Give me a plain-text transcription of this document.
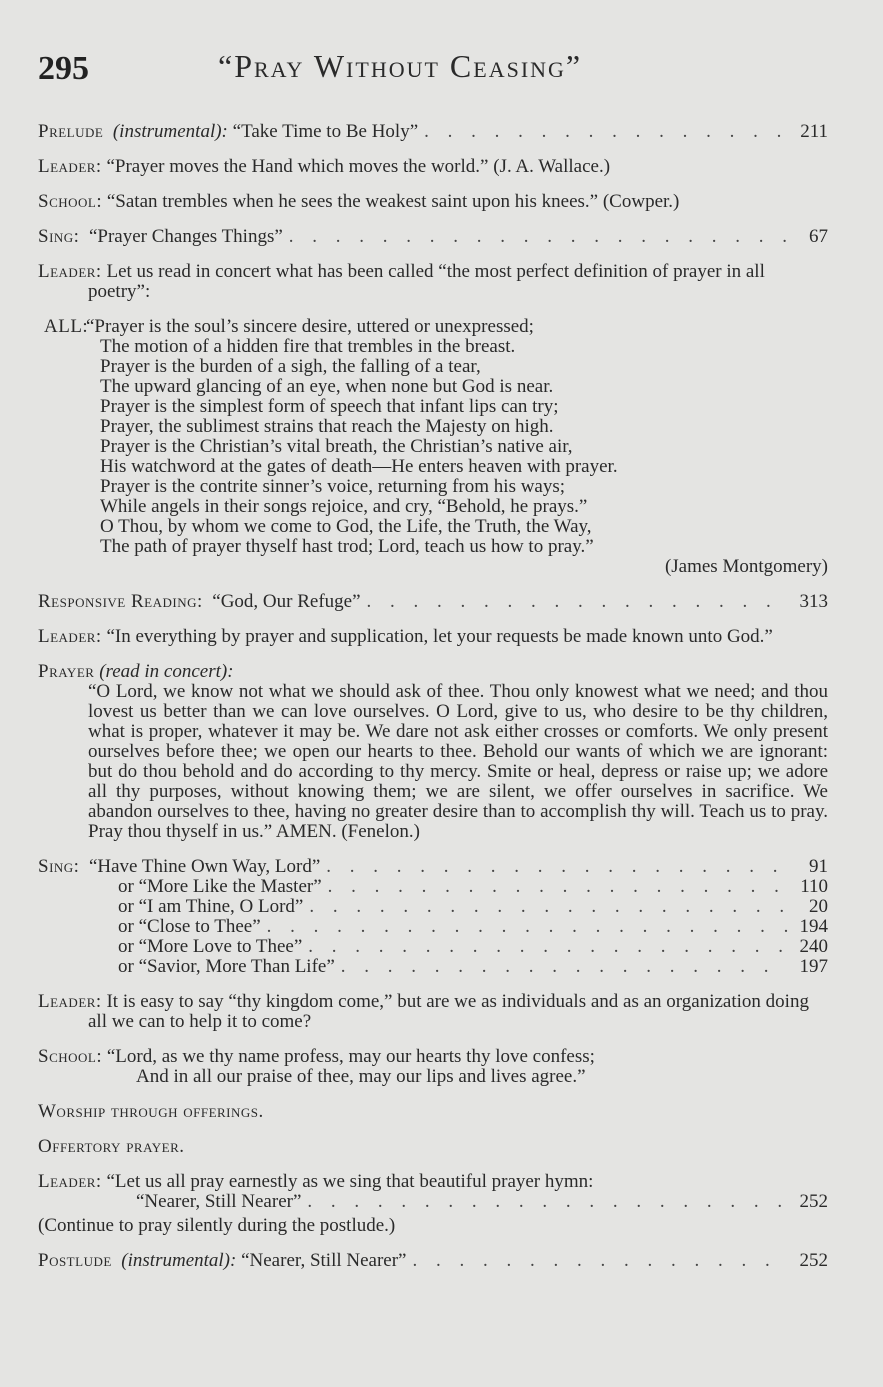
295	“Pray Without Ceasing”
Prelude
(instrumental):
“Take Time to Be Holy” . . .	211
Leader: “Prayer moves the Hand which moves the world.” (J. A. Wallace.)
School: “Satan trembles when he sees the weakest saint upon his knees.” (Cowper.)
Sing:
“Prayer Changes Things” . . .	67
Leader: Let us read in concert what has been called “the most perfect definition of prayer in all poetry”:
ALL:
“Prayer is the soul’s sincere desire, uttered or unexpressed;
The motion of a hidden fire that trembles in the breast.
Prayer is the burden of a sigh, the falling of a tear,
The upward glancing of an eye, when none but God is near.
Prayer is the simplest form of speech that infant lips can try;
Prayer, the sublimest strains that reach the Majesty on high.
Prayer is the Christian’s vital breath, the Christian’s native air,
His watchword at the gates of death—He enters heaven with prayer.
Prayer is the contrite sinner’s voice, returning from his ways;
While angels in their songs rejoice, and cry, “Behold, he prays.”
O Thou, by whom we come to God, the Life, the Truth, the Way,
The path of prayer thyself hast trod; Lord, teach us how to pray.”
(James Montgomery)
Responsive Reading:
“God, Our Refuge” . . .	313
Leader: “In everything by prayer and supplication, let your requests be made known unto God.”
Prayer (read in concert):
“O Lord, we know not what we should ask of thee. Thou only knowest what we need; and thou lovest us better than we can love ourselves. O Lord, give to us, who desire to be thy children, what is proper, whatever it may be. We dare not ask either crosses or comforts. We only present ourselves before thee; we open our hearts to thee. Behold our wants of which we are ignorant: but do thou behold and do according to thy mercy. Smite or heal, depress or raise up; we adore all thy purposes, without knowing them; we are silent, we offer ourselves in sacrifice. We abandon ourselves to thee, having no greater desire than to accomplish thy will. Teach us to pray. Pray thou thyself in us.” AMEN. (Fenelon.)
Sing:
“Have Thine Own Way, Lord” . . .	91
or “More Like the Master” . . .	110
or “I am Thine, O Lord” . . .	20
or “Close to Thee” . . .	194
or “More Love to Thee” . . .	240
or “Savior, More Than Life” . . .	197
Leader: It is easy to say “thy kingdom come,” but are we as individuals and as an organization doing all we can to help it to come?
School: “Lord, as we thy name profess, may our hearts thy love confess;
And in all our praise of thee, may our lips and lives agree.”
Worship through offerings.
Offertory prayer.
Leader: “Let us all pray earnestly as we sing that beautiful prayer hymn:
“Nearer, Still Nearer” . . .	252
(Continue to pray silently during the postlude.)
Postlude
(instrumental):
“Nearer, Still Nearer” . . .	252
